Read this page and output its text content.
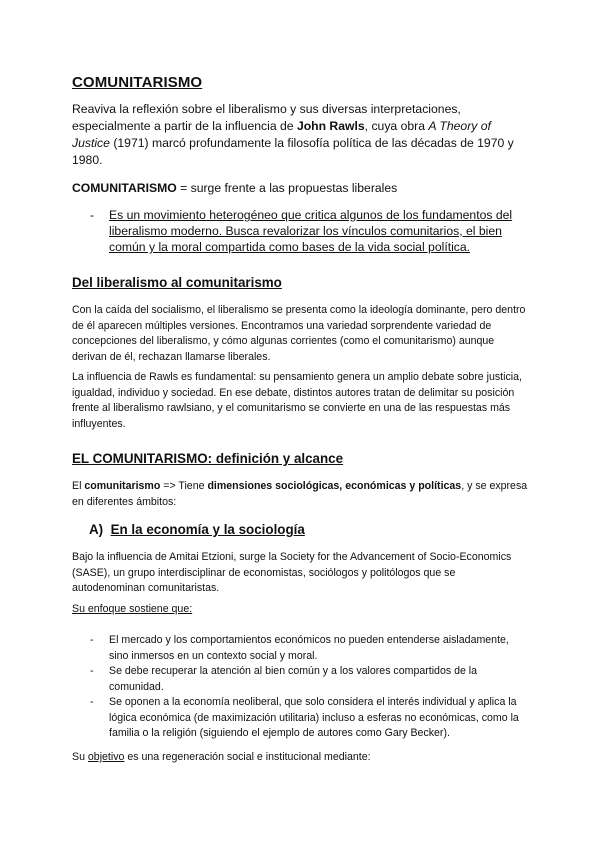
COMUNITARISMO

Reaviva la reflexión sobre el liberalismo y sus diversas interpretaciones, especialmente a partir de la influencia de John Rawls, cuya obra A Theory of Justice (1971) marcó profundamente la filosofía política de las décadas de 1970 y 1980.

COMUNITARISMO = surge frente a las propuestas liberales

- Es un movimiento heterogéneo que critica algunos de los fundamentos del liberalismo moderno. Busca revalorizar los vínculos comunitarios, el bien común y la moral compartida como bases de la vida social política.
Del liberalismo al comunitarismo

Con la caída del socialismo, el liberalismo se presenta como la ideología dominante, pero dentro de él aparecen múltiples versiones. Encontramos una variedad sorprendente variedad de concepciones del liberalismo, y cómo algunas corrientes (como el comunitarismo) aunque derivan de él, rechazan llamarse liberales.

La influencia de Rawls es fundamental: su pensamiento genera un amplio debate sobre justicia, igualdad, individuo y sociedad. En ese debate, distintos autores tratan de delimitar su posición frente al liberalismo rawlsiano, y el comunitarismo se convierte en una de las respuestas más influyentes.

EL COMUNITARISMO: definición y alcance

El comunitarismo => Tiene dimensiones sociológicas, económicas y políticas, y se expresa en diferentes ámbitos:

A) En la economía y la sociología

Bajo la influencia de Amitai Etzioni, surge la Society for the Advancement of Socio-Economics (SASE), un grupo interdisciplinar de economistas, sociólogos y politólogos que se autodenominan comunitaristas.

Su enfoque sostiene que:

- El mercado y los comportamientos económicos no pueden entenderse aisladamente, sino inmersos en un contexto social y moral.
- Se debe recuperar la atención al bien común y a los valores compartidos de la comunidad.
- Se oponen a la economía neoliberal, que solo considera el interés individual y aplica la lógica económica (de maximización utilitaria) incluso a esferas no económicas, como la familia o la religión (siguiendo el ejemplo de autores como Gary Becker).

Su objetivo es una regeneración social e institucional mediante:
